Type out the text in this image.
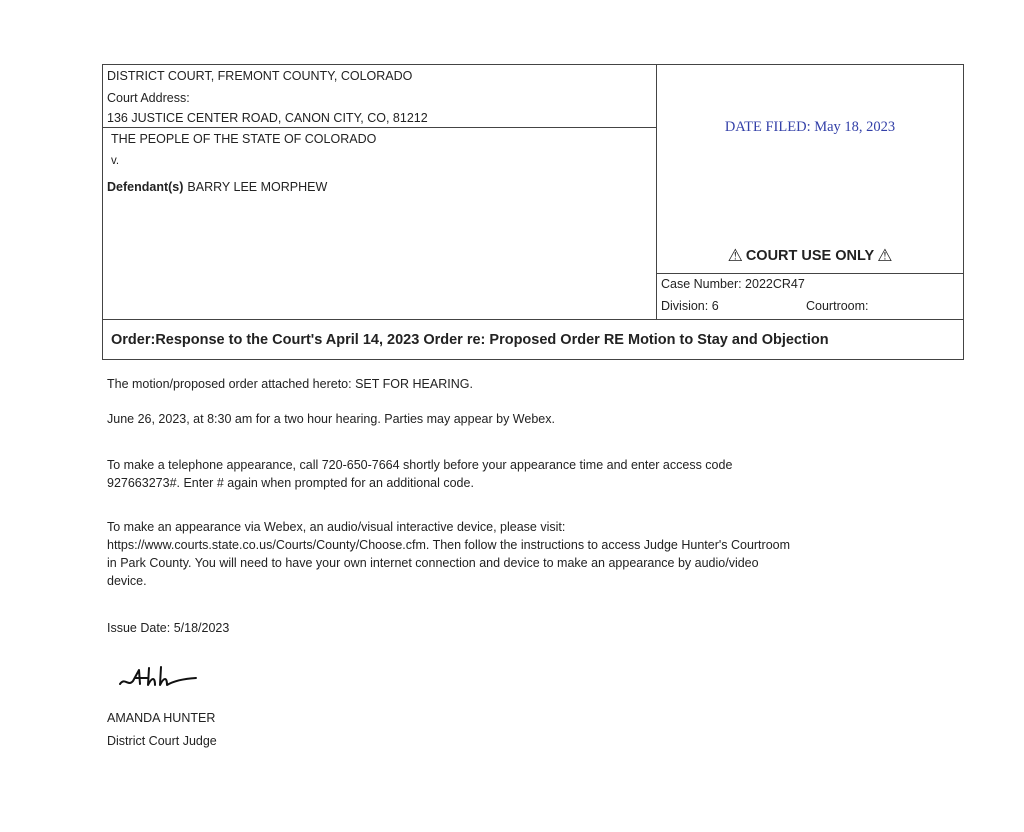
DISTRICT COURT, FREMONT COUNTY, COLORADO
Court Address:
136 JUSTICE CENTER ROAD, CANON CITY, CO, 81212
THE PEOPLE OF THE STATE OF COLORADO
v.
Defendant(s) BARRY LEE MORPHEW
DATE FILED: May 18, 2023
⚠ COURT USE ONLY ⚠
Case Number: 2022CR47
Division: 6	Courtroom:
Order:Response to the Court's April 14, 2023 Order re: Proposed Order RE Motion to Stay and Objection
The motion/proposed order attached hereto: SET FOR HEARING.
June 26, 2023, at 8:30 am for a two hour hearing. Parties may appear by Webex.
To make a telephone appearance, call 720-650-7664 shortly before your appearance time and enter access code
927663273#. Enter # again when prompted for an additional code.
To make an appearance via Webex, an audio/visual interactive device, please visit:
https://www.courts.state.co.us/Courts/County/Choose.cfm. Then follow the instructions to access Judge Hunter's Courtroom
in Park County. You will need to have your own internet connection and device to make an appearance by audio/video
device.
Issue Date: 5/18/2023
AMANDA HUNTER
District Court Judge
